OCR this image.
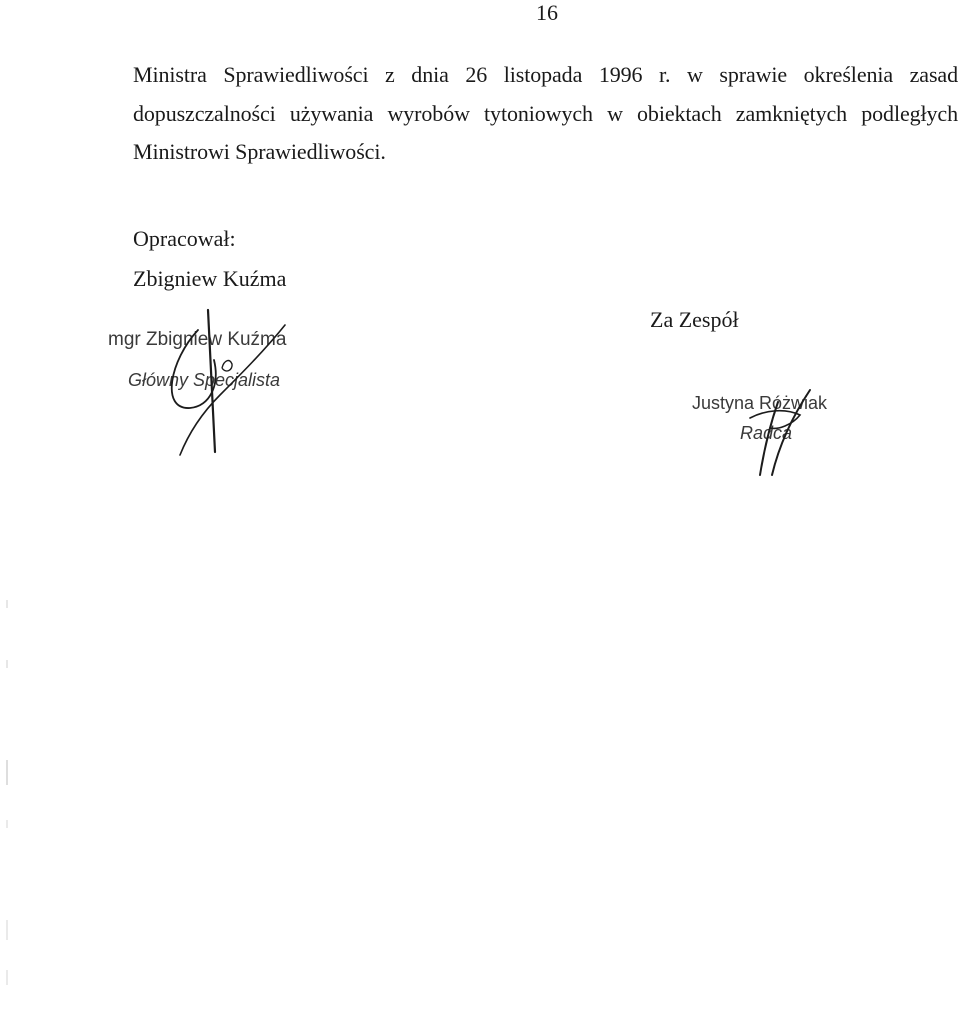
16

Ministra Sprawiedliwości z dnia 26 listopada 1996 r. w sprawie określenia zasad dopuszczalności używania wyrobów tytoniowych w obiektach zamkniętych podległych Ministrowi Sprawiedliwości.

Opracował:
Zbigniew Kuźma
mgr Zbigniew Kuźma
Główny Specjalista
Za Zespół
Justyna Różwiak
Radca
